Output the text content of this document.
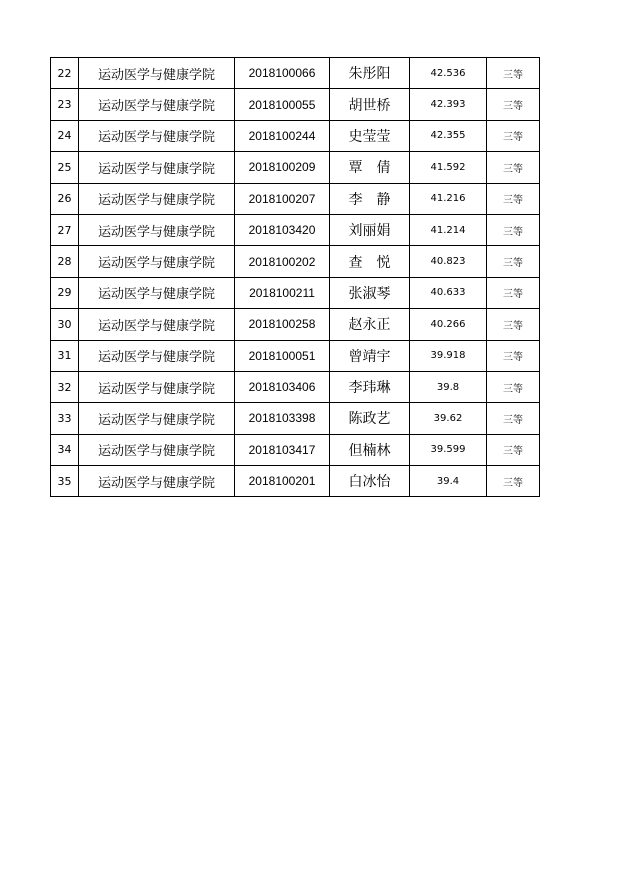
22	运动医学与健康学院	2018100066	朱彤阳	42.536	三等
23	运动医学与健康学院	2018100055	胡世桥	42.393	三等
24	运动医学与健康学院	2018100244	史莹莹	42.355	三等
25	运动医学与健康学院	2018100209	覃　倩	41.592	三等
26	运动医学与健康学院	2018100207	李　静	41.216	三等
27	运动医学与健康学院	2018103420	刘丽娟	41.214	三等
28	运动医学与健康学院	2018100202	查　悦	40.823	三等
29	运动医学与健康学院	2018100211	张淑琴	40.633	三等
30	运动医学与健康学院	2018100258	赵永正	40.266	三等
31	运动医学与健康学院	2018100051	曾靖宇	39.918	三等
32	运动医学与健康学院	2018103406	李玮琳	39.8	三等
33	运动医学与健康学院	2018103398	陈政艺	39.62	三等
34	运动医学与健康学院	2018103417	但楠林	39.599	三等
35	运动医学与健康学院	2018100201	白冰怡	39.4	三等
